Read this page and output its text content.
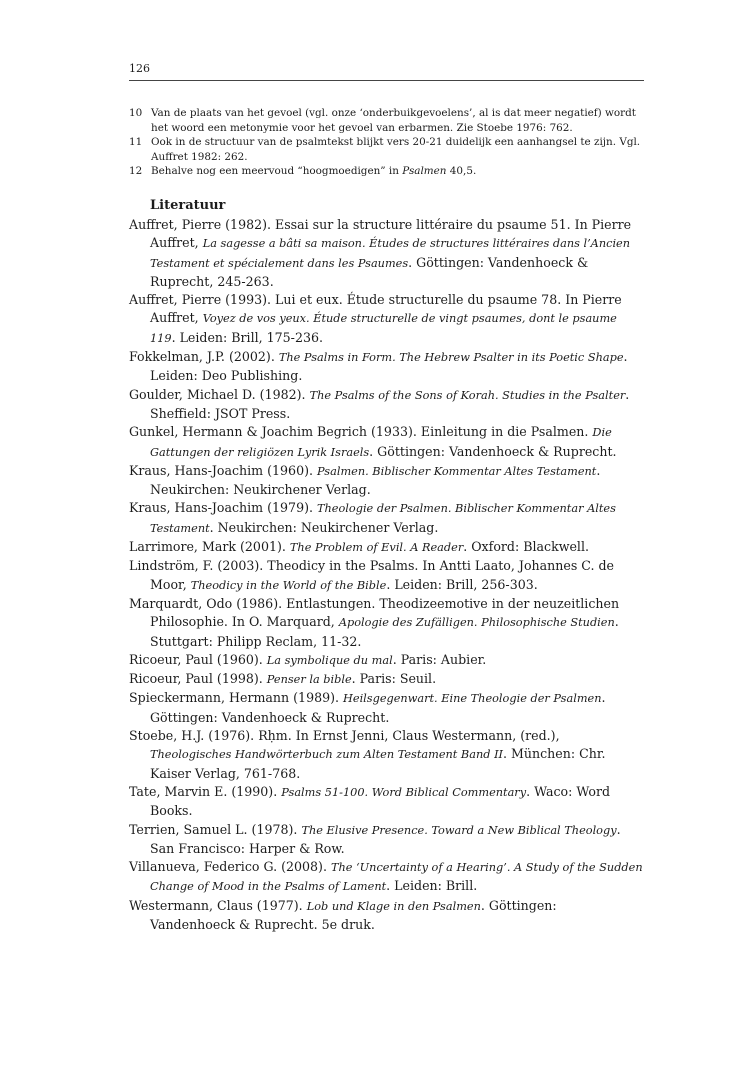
126
10 Van de plaats van het gevoel (vgl. onze ‘onderbuikgevoelens’, al is dat meer negatief) wordt het woord een metonymie voor het gevoel van erbarmen. Zie Stoebe 1976: 762.
11 Ook in de structuur van de psalmtekst blijkt vers 20-21 duidelijk een aanhangsel te zijn. Vgl. Auffret 1982: 262.
12 Behalve nog een meervoud “hoogmoedigen” in Psalmen 40,5.
Literatuur
Auffret, Pierre (1982). Essai sur la structure littéraire du psaume 51. In Pierre Auffret, La sagesse a bâti sa maison. Études de structures littéraires dans l’Ancien Testament et spécialement dans les Psaumes. Göttingen: Vandenhoeck & Ruprecht, 245-263.
Auffret, Pierre (1993). Lui et eux. Étude structurelle du psaume 78. In Pierre Auffret, Voyez de vos yeux. Étude structurelle de vingt psaumes, dont le psaume 119. Leiden: Brill, 175-236.
Fokkelman, J.P. (2002). The Psalms in Form. The Hebrew Psalter in its Poetic Shape. Leiden: Deo Publishing.
Goulder, Michael D. (1982). The Psalms of the Sons of Korah. Studies in the Psalter. Sheffield: JSOT Press.
Gunkel, Hermann & Joachim Begrich (1933). Einleitung in die Psalmen. Die Gattungen der religiözen Lyrik Israels. Göttingen: Vandenhoeck & Ruprecht.
Kraus, Hans-Joachim (1960). Psalmen. Biblischer Kommentar Altes Testament. Neukirchen: Neukirchener Verlag.
Kraus, Hans-Joachim (1979). Theologie der Psalmen. Biblischer Kommentar Altes Testament. Neukirchen: Neukirchener Verlag.
Larrimore, Mark (2001). The Problem of Evil. A Reader. Oxford: Blackwell.
Lindström, F. (2003). Theodicy in the Psalms. In Antti Laato, Johannes C. de Moor, Theodicy in the World of the Bible. Leiden: Brill, 256-303.
Marquardt, Odo (1986). Entlastungen. Theodizeemotive in der neuzeitlichen Philosophie. In O. Marquard, Apologie des Zufälligen. Philosophische Studien. Stuttgart: Philipp Reclam, 11-32.
Ricoeur, Paul (1960). La symbolique du mal. Paris: Aubier.
Ricoeur, Paul (1998). Penser la bible. Paris: Seuil.
Spieckermann, Hermann (1989). Heilsgegenwart. Eine Theologie der Psalmen. Göttingen: Vandenhoeck & Ruprecht.
Stoebe, H.J. (1976). Rḥm. In Ernst Jenni, Claus Westermann, (red.), Theologisches Handwörterbuch zum Alten Testament Band II. München: Chr. Kaiser Verlag, 761-768.
Tate, Marvin E. (1990). Psalms 51-100. Word Biblical Commentary. Waco: Word Books.
Terrien, Samuel L. (1978). The Elusive Presence. Toward a New Biblical Theology. San Francisco: Harper & Row.
Villanueva, Federico G. (2008). The ‘Uncertainty of a Hearing’. A Study of the Sudden Change of Mood in the Psalms of Lament. Leiden: Brill.
Westermann, Claus (1977). Lob und Klage in den Psalmen. Göttingen: Vandenhoeck & Ruprecht. 5e druk.
